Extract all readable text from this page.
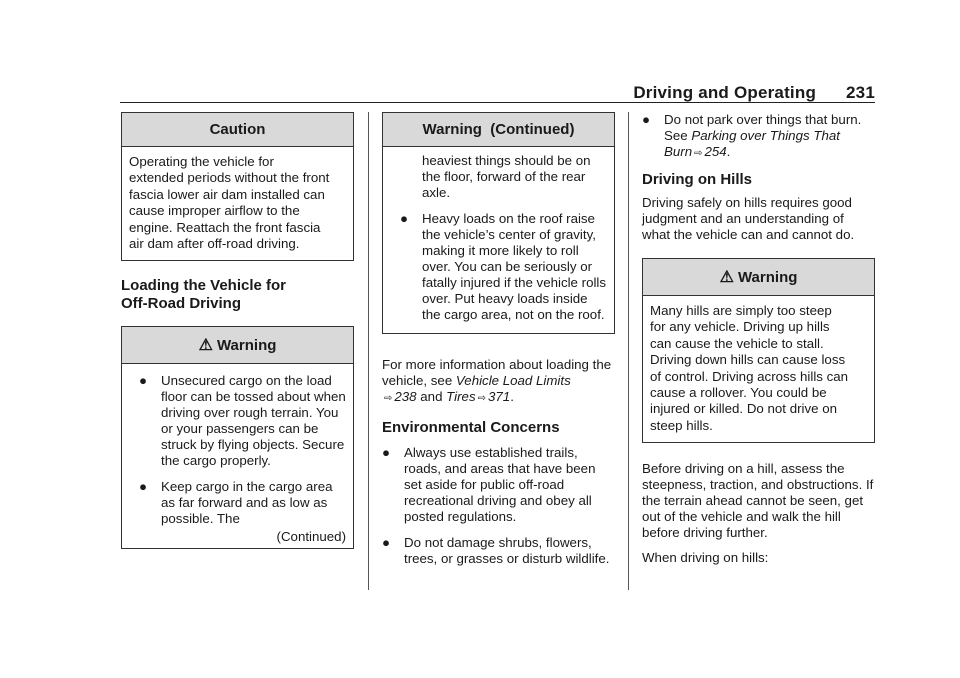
Driving and Operating 231
Caution
Operating the vehicle for
extended periods without the front
fascia lower air dam installed can
cause improper airflow to the
engine. Reattach the front fascia
air dam after off-road driving.
Loading the Vehicle for
Off-Road Driving
⚠ Warning
● Unsecured cargo on the load floor can be tossed about when driving over rough terrain. You or your passengers can be struck by flying objects. Secure the cargo properly.
● Keep cargo in the cargo area as far forward and as low as possible. The
(Continued)
Warning  (Continued)

heaviest things should be on the floor, forward of the rear axle.

● Heavy loads on the roof raise the vehicle’s center of gravity, making it more likely to roll over. You can be seriously or fatally injured if the vehicle rolls over. Put heavy loads inside the cargo area, not on the roof.

For more information about loading the vehicle, see Vehicle Load Limits
⇨ 238 and Tires ⇨ 371.

Environmental Concerns
● Always use established trails, roads, and areas that have been set aside for public off-road recreational driving and obey all posted regulations.
● Do not damage shrubs, flowers, trees, or grasses or disturb wildlife.
● Do not park over things that burn. See Parking over Things That Burn ⇨ 254.
Driving on Hills

Driving safely on hills requires good judgment and an understanding of what the vehicle can and cannot do.

⚠ Warning
Many hills are simply too steep
for any vehicle. Driving up hills
can cause the vehicle to stall.
Driving down hills can cause loss
of control. Driving across hills can
cause a rollover. You could be
injured or killed. Do not drive on
steep hills.

Before driving on a hill, assess the steepness, traction, and obstructions. If the terrain ahead cannot be seen, get out of the vehicle and walk the hill before driving further.

When driving on hills:
